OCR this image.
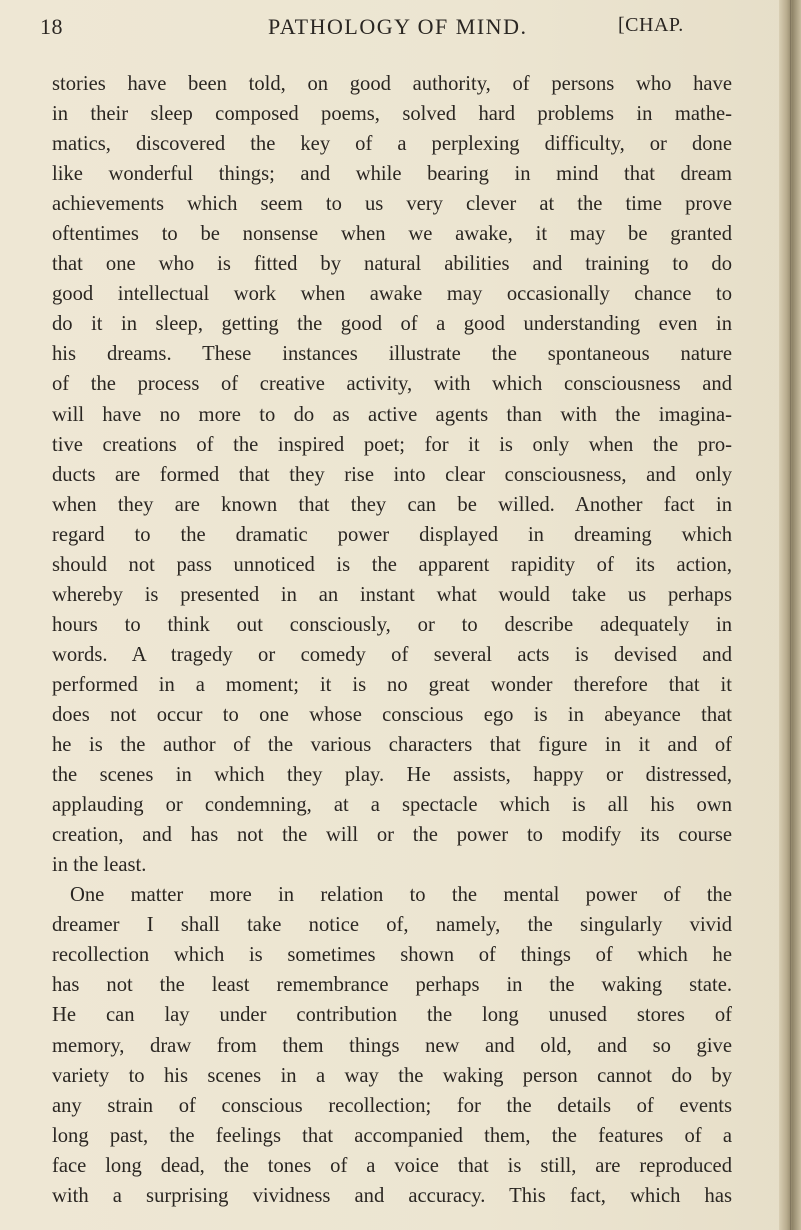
18	PATHOLOGY OF MIND.	[CHAP.
stories have been told, on good authority, of persons who have
in their sleep composed poems, solved hard problems in mathe-
matics, discovered the key of a perplexing difficulty, or done
like wonderful things; and while bearing in mind that dream
achievements which seem to us very clever at the time prove
oftentimes to be nonsense when we awake, it may be granted
that one who is fitted by natural abilities and training to do
good intellectual work when awake may occasionally chance to
do it in sleep, getting the good of a good understanding even in
his dreams. These instances illustrate the spontaneous nature
of the process of creative activity, with which consciousness and
will have no more to do as active agents than with the imagina-
tive creations of the inspired poet; for it is only when the pro-
ducts are formed that they rise into clear consciousness, and only
when they are known that they can be willed. Another fact in
regard to the dramatic power displayed in dreaming which
should not pass unnoticed is the apparent rapidity of its action,
whereby is presented in an instant what would take us perhaps
hours to think out consciously, or to describe adequately in
words. A tragedy or comedy of several acts is devised and
performed in a moment; it is no great wonder therefore that it
does not occur to one whose conscious ego is in abeyance that
he is the author of the various characters that figure in it and of
the scenes in which they play. He assists, happy or distressed,
applauding or condemning, at a spectacle which is all his own
creation, and has not the will or the power to modify its course
in the least.
One matter more in relation to the mental power of the
dreamer I shall take notice of, namely, the singularly vivid
recollection which is sometimes shown of things of which he
has not the least remembrance perhaps in the waking state.
He can lay under contribution the long unused stores of
memory, draw from them things new and old, and so give
variety to his scenes in a way the waking person cannot do by
any strain of conscious recollection; for the details of events
long past, the feelings that accompanied them, the features of a
face long dead, the tones of a voice that is still, are reproduced
with a surprising vividness and accuracy. This fact, which has
